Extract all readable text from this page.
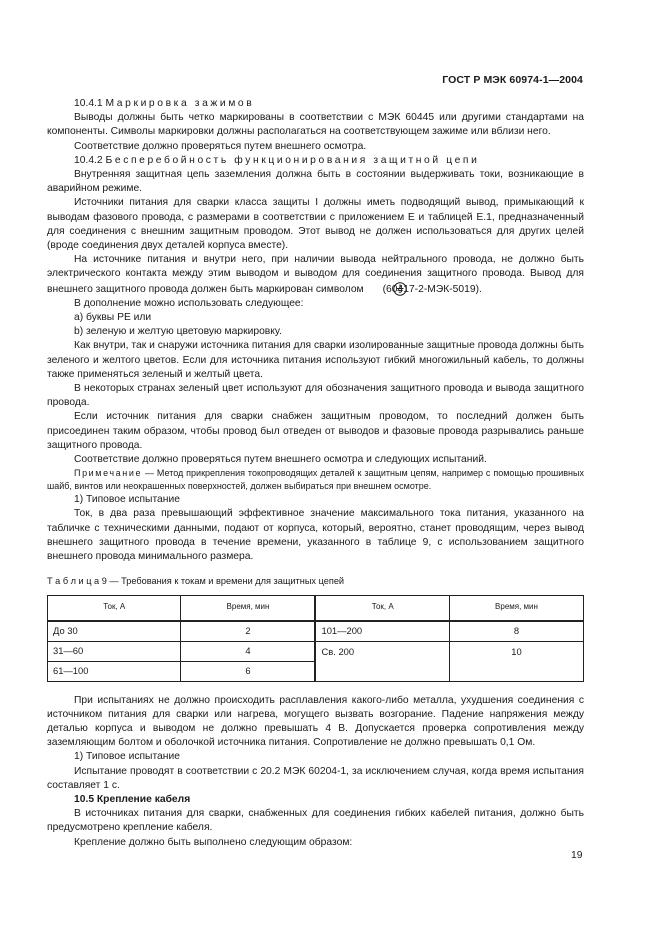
ГОСТ Р МЭК 60974-1—2004

10.4.1 Маркировка зажимов

Выводы должны быть четко маркированы в соответствии с МЭК 60445 или другими стандартами на компоненты. Символы маркировки должны располагаться на соответствующем зажиме или вблизи него.

Соответствие должно проверяться путем внешнего осмотра.

10.4.2 Бесперебойность функционирования защитной цепи

Внутренняя защитная цепь заземления должна быть в состоянии выдерживать токи, возникающие в аварийном режиме.

Источники питания для сварки класса защиты I должны иметь подводящий вывод, примыкающий к выводам фазового провода, с размерами в соответствии с приложением Е и таблицей Е.1, предназначенный для соединения с внешним защитным проводом. Этот вывод не должен использоваться для других целей (вроде соединения двух деталей корпуса вместе).

На источнике питания и внутри него, при наличии вывода нейтрального провода, не должно быть электрического контакта между этим выводом и выводом для соединения защитного провода. Вывод для внешнего защитного провода должен быть маркирован символом (60417-2-МЭК-5019).

В дополнение можно использовать следующее:

a) буквы РЕ или

b) зеленую и желтую цветовую маркировку.

Как внутри, так и снаружи источника питания для сварки изолированные защитные провода должны быть зеленого и желтого цветов. Если для источника питания используют гибкий многожильный кабель, то должны также применяться зеленый и желтый цвета.

В некоторых странах зеленый цвет используют для обозначения защитного провода и вывода защитного провода.

Если источник питания для сварки снабжен защитным проводом, то последний должен быть присоединен таким образом, чтобы провод был отведен от выводов и фазовые провода разрывались раньше защитного провода.

Соответствие должно проверяться путем внешнего осмотра и следующих испытаний.

Примечание — Метод прикрепления токопроводящих деталей к защитным цепям, например с помощью прошивных шайб, винтов или неокрашенных поверхностей, должен выбираться при внешнем осмотре.

1) Типовое испытание

Ток, в два раза превышающий эффективное значение максимального тока питания, указанного на табличке с техническими данными, подают от корпуса, который, вероятно, станет проводящим, через вывод внешнего защитного провода в течение времени, указанного в таблице 9, с использованием защитного внешнего провода минимального размера.

Т а б л и ц а 9 — Требования к токам и времени для защитных цепей

Ток, А	Время, мин	Ток, А	Время, мин
До 30	2	101—200	8
31—60	4	Св. 200	10
61—100	6		

При испытаниях не должно происходить расплавления какого-либо металла, ухудшения соединения с источником питания для сварки или нагрева, могущего вызвать возгорание. Падение напряжения между деталью корпуса и выводом не должно превышать 4 В. Допускается проверка сопротивления между заземляющим болтом и оболочкой источника питания. Сопротивление не должно превышать 0,1 Ом.

1) Типовое испытание

Испытание проводят в соответствии с 20.2 МЭК 60204-1, за исключением случая, когда время испытания составляет 1 с.

10.5 Крепление кабеля

В источниках питания для сварки, снабженных для соединения гибких кабелей питания, должно быть предусмотрено крепление кабеля.

Крепление должно быть выполнено следующим образом:

19
